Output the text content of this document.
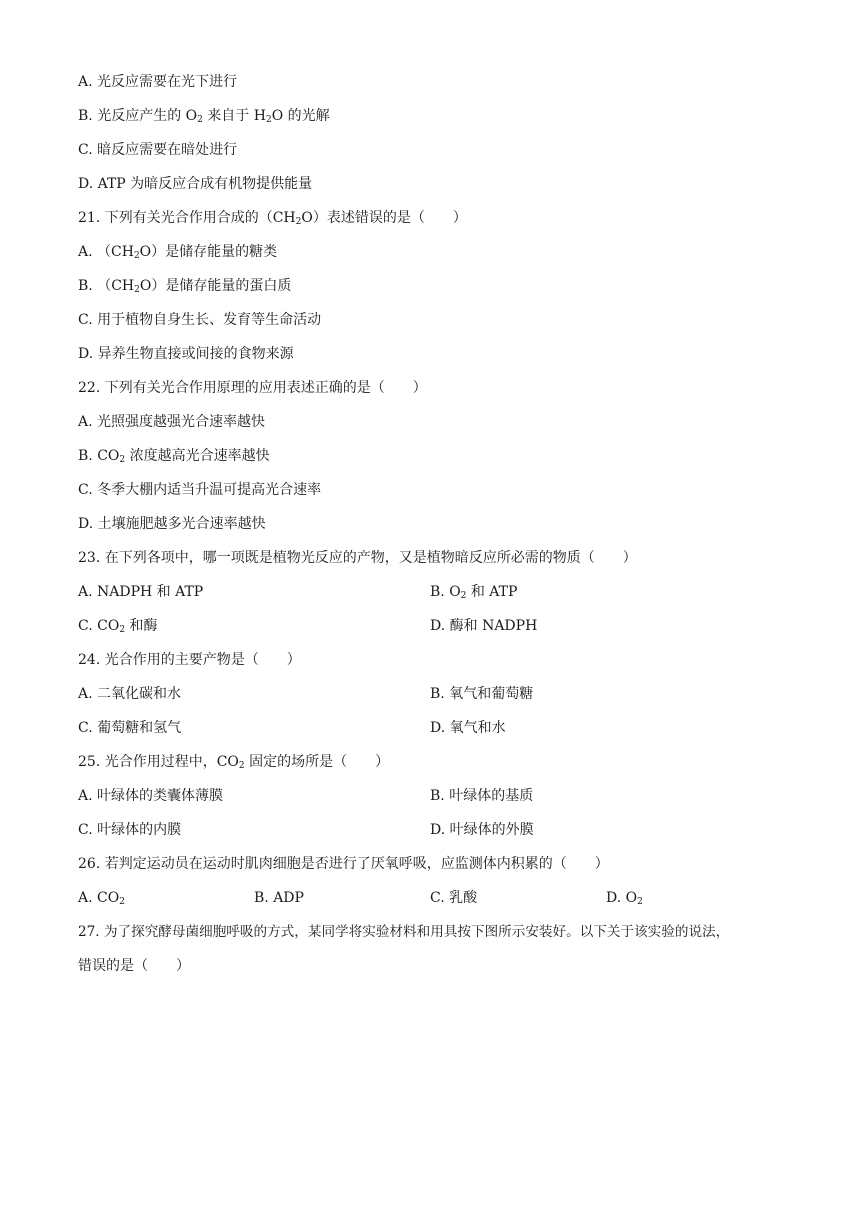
A. 光反应需要在光下进行
B. 光反应产生的 $O_2$ 来自于 $H_2O$ 的光解
C. 暗反应需要在暗处进行
D. ATP 为暗反应合成有机物提供能量
21. 下列有关光合作用合成的$(CH_2O)$表述错误的是（　　）
A. $(CH_2O)$是储存能量的糖类
B. $(CH_2O)$是储存能量的蛋白质
C. 用于植物自身生长、发育等生命活动
D. 异养生物直接或间接的食物来源
22. 下列有关光合作用原理的应用表述正确的是（　　）
A. 光照强度越强光合速率越快
B. $CO_2$ 浓度越高光合速率越快
C. 冬季大棚内适当升温可提高光合速率
D. 土壤施肥越多光合速率越快
23. 在下列各项中，哪一项既是植物光反应的产物，又是植物暗反应所必需的物质（　　）
A. NADPH 和 ATP	B. $O_2$ 和 ATP
C. $CO_2$ 和酶	D. 酶和 NADPH
24. 光合作用的主要产物是（　　）
A. 二氧化碳和水	B. 氧气和葡萄糖
C. 葡萄糖和氢气	D. 氧气和水
25. 光合作用过程中，$CO_2$ 固定的场所是（　　）
A. 叶绿体的类囊体薄膜	B. 叶绿体的基质
C. 叶绿体的内膜	D. 叶绿体的外膜
26. 若判定运动员在运动时肌肉细胞是否进行了厌氧呼吸，应监测体内积累的（　　）
A. $CO_2$	B. ADP	C. 乳酸	D. $O_2$
27. 为了探究酵母菌细胞呼吸的方式，某同学将实验材料和用具按下图所示安装好。以下关于该实验的说法，
错误的是（　　）
